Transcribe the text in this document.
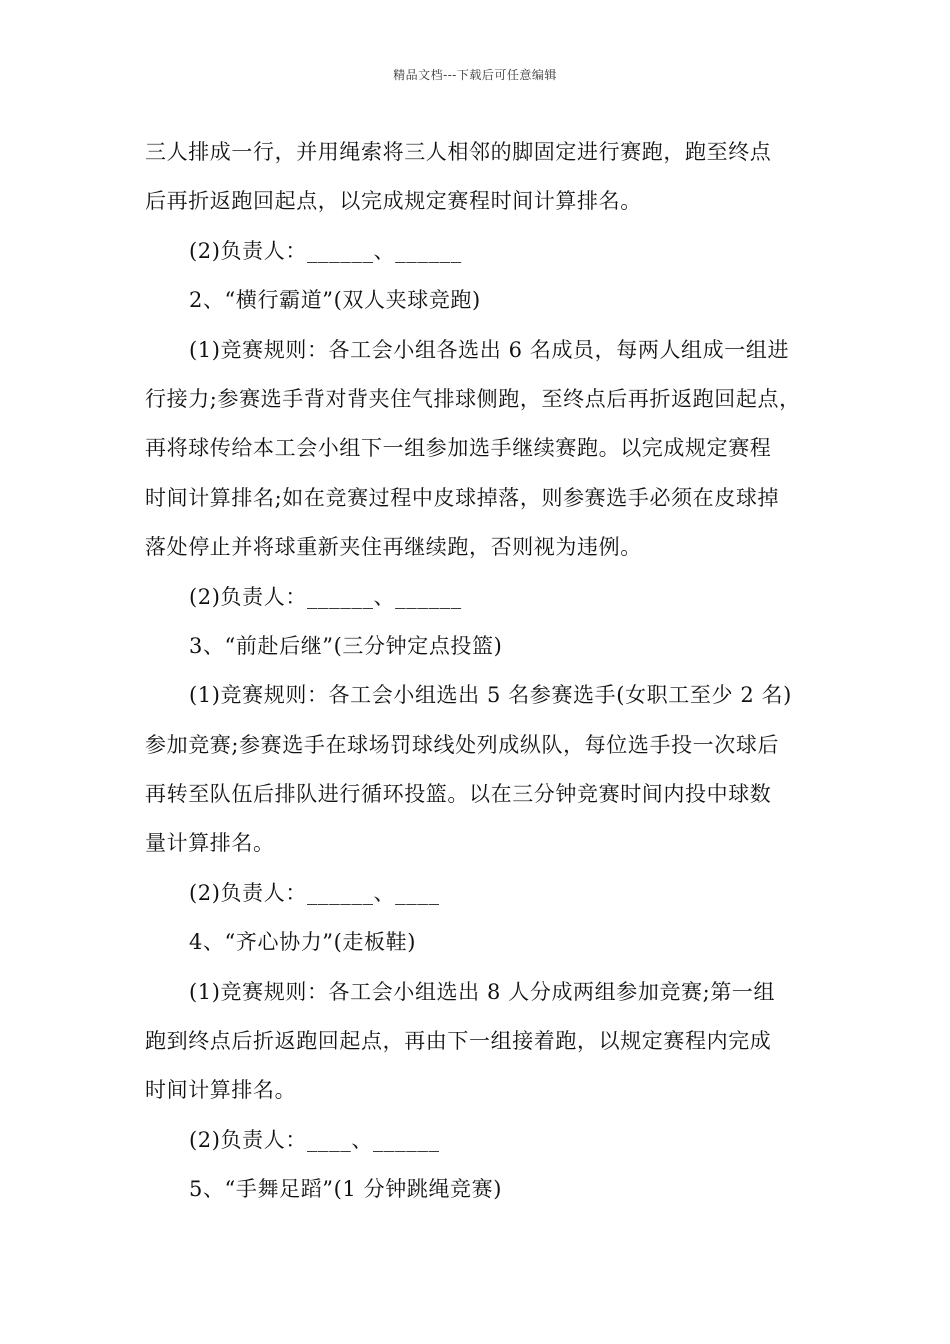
精品文档---下载后可任意编辑
三人排成一行，并用绳索将三人相邻的脚固定进行赛跑，跑至终点
后再折返跑回起点，以完成规定赛程时间计算排名。
(2)负责人：______、______
2、“横行霸道”(双人夹球竞跑)
(1)竞赛规则：各工会小组各选出 6 名成员，每两人组成一组进
行接力;参赛选手背对背夹住气排球侧跑，至终点后再折返跑回起点，
再将球传给本工会小组下一组参加选手继续赛跑。以完成规定赛程
时间计算排名;如在竞赛过程中皮球掉落，则参赛选手必须在皮球掉
落处停止并将球重新夹住再继续跑，否则视为违例。
(2)负责人：______、______
3、“前赴后继”(三分钟定点投篮)
(1)竞赛规则：各工会小组选出 5 名参赛选手(女职工至少 2 名)
参加竞赛;参赛选手在球场罚球线处列成纵队，每位选手投一次球后
再转至队伍后排队进行循环投篮。以在三分钟竞赛时间内投中球数
量计算排名。
(2)负责人：______、____
4、“齐心协力”(走板鞋)
(1)竞赛规则：各工会小组选出 8 人分成两组参加竞赛;第一组
跑到终点后折返跑回起点，再由下一组接着跑，以规定赛程内完成
时间计算排名。
(2)负责人：____、______
5、“手舞足蹈”(1 分钟跳绳竞赛)
